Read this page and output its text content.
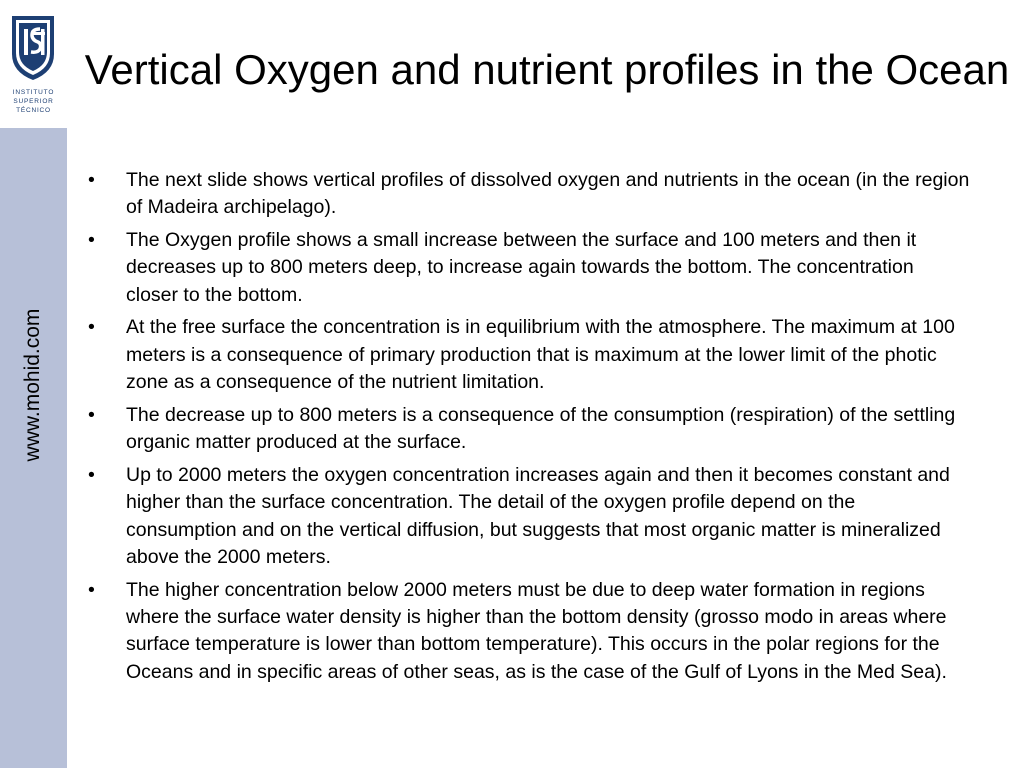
INSTITUTO
SUPERIOR
TÉCNICO
www.mohid.com
Vertical Oxygen and nutrient profiles in the Ocean
• The next slide shows vertical profiles of dissolved oxygen and nutrients in the ocean (in the region of Madeira archipelago).
• The Oxygen profile shows a small increase between the surface and 100 meters and then it decreases up to 800 meters deep, to increase again towards the bottom. The concentration closer to the bottom.
• At the free surface the concentration is in equilibrium with the atmosphere. The maximum at 100 meters is a consequence of primary production that is maximum at the lower limit of the photic zone as a consequence of the nutrient limitation.
• The decrease up to 800 meters is a consequence of the consumption (respiration) of the settling organic matter produced at the surface.
• Up to 2000 meters the oxygen concentration increases again and then it becomes constant and higher than the surface concentration. The detail of the oxygen profile depend on the consumption and on the vertical diffusion, but suggests that most organic matter is mineralized above the 2000 meters.
• The higher concentration below 2000 meters must be due to deep water formation in regions where the surface water density is higher than the bottom density (grosso modo in areas where surface temperature is lower than bottom temperature). This occurs in the polar regions for the Oceans and in specific areas of other seas, as is the case of the Gulf of Lyons in the Med Sea).
